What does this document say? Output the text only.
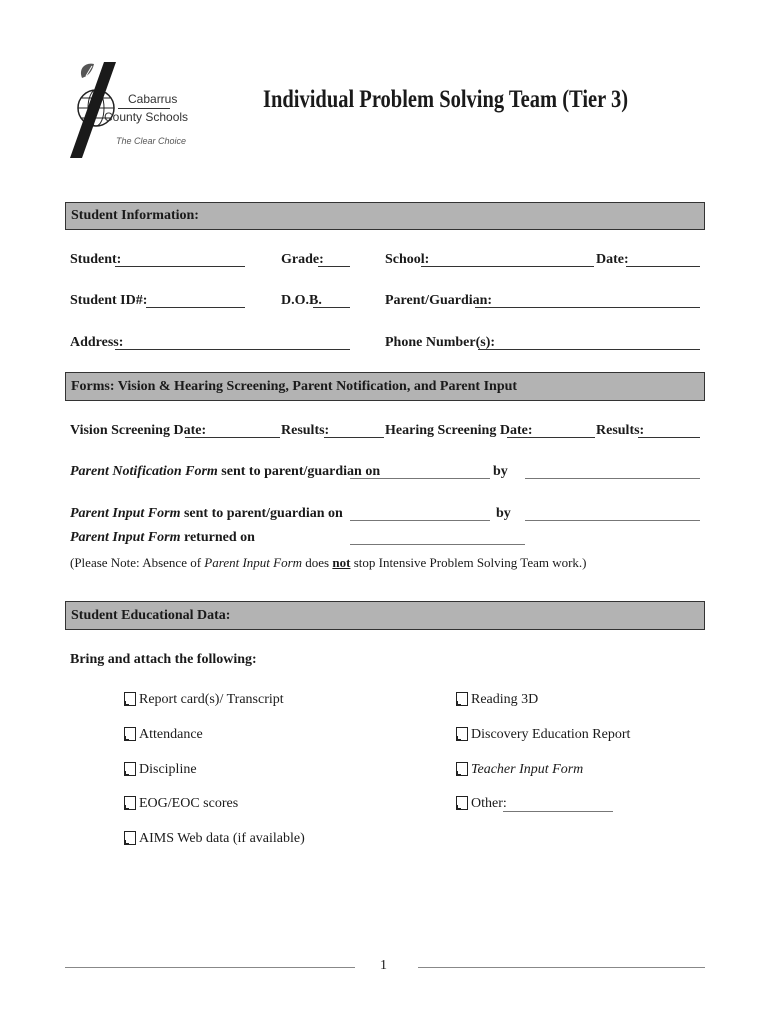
Cabarrus
County Schools
The Clear Choice
Individual Problem Solving Team (Tier 3)
Student Information:
Student:	Grade:	School:	Date:
Student ID#:	D.O.B.	Parent/Guardian:
Address:	Phone Number(s):
Forms: Vision & Hearing Screening, Parent Notification, and Parent Input
Vision Screening Date:	Results:	Hearing Screening Date:	Results:
Parent Notification Form sent to parent/guardian on	by
Parent Input Form sent to parent/guardian on	by
Parent Input Form returned on
(Please Note: Absence of Parent Input Form does not stop Intensive Problem Solving Team work.)
Student Educational Data:
Bring and attach the following:
Report card(s)/ Transcript
Attendance
Discipline
EOG/EOC scores
AIMS Web data (if available)
Reading 3D
Discovery Education Report
Teacher Input Form
Other:
1
